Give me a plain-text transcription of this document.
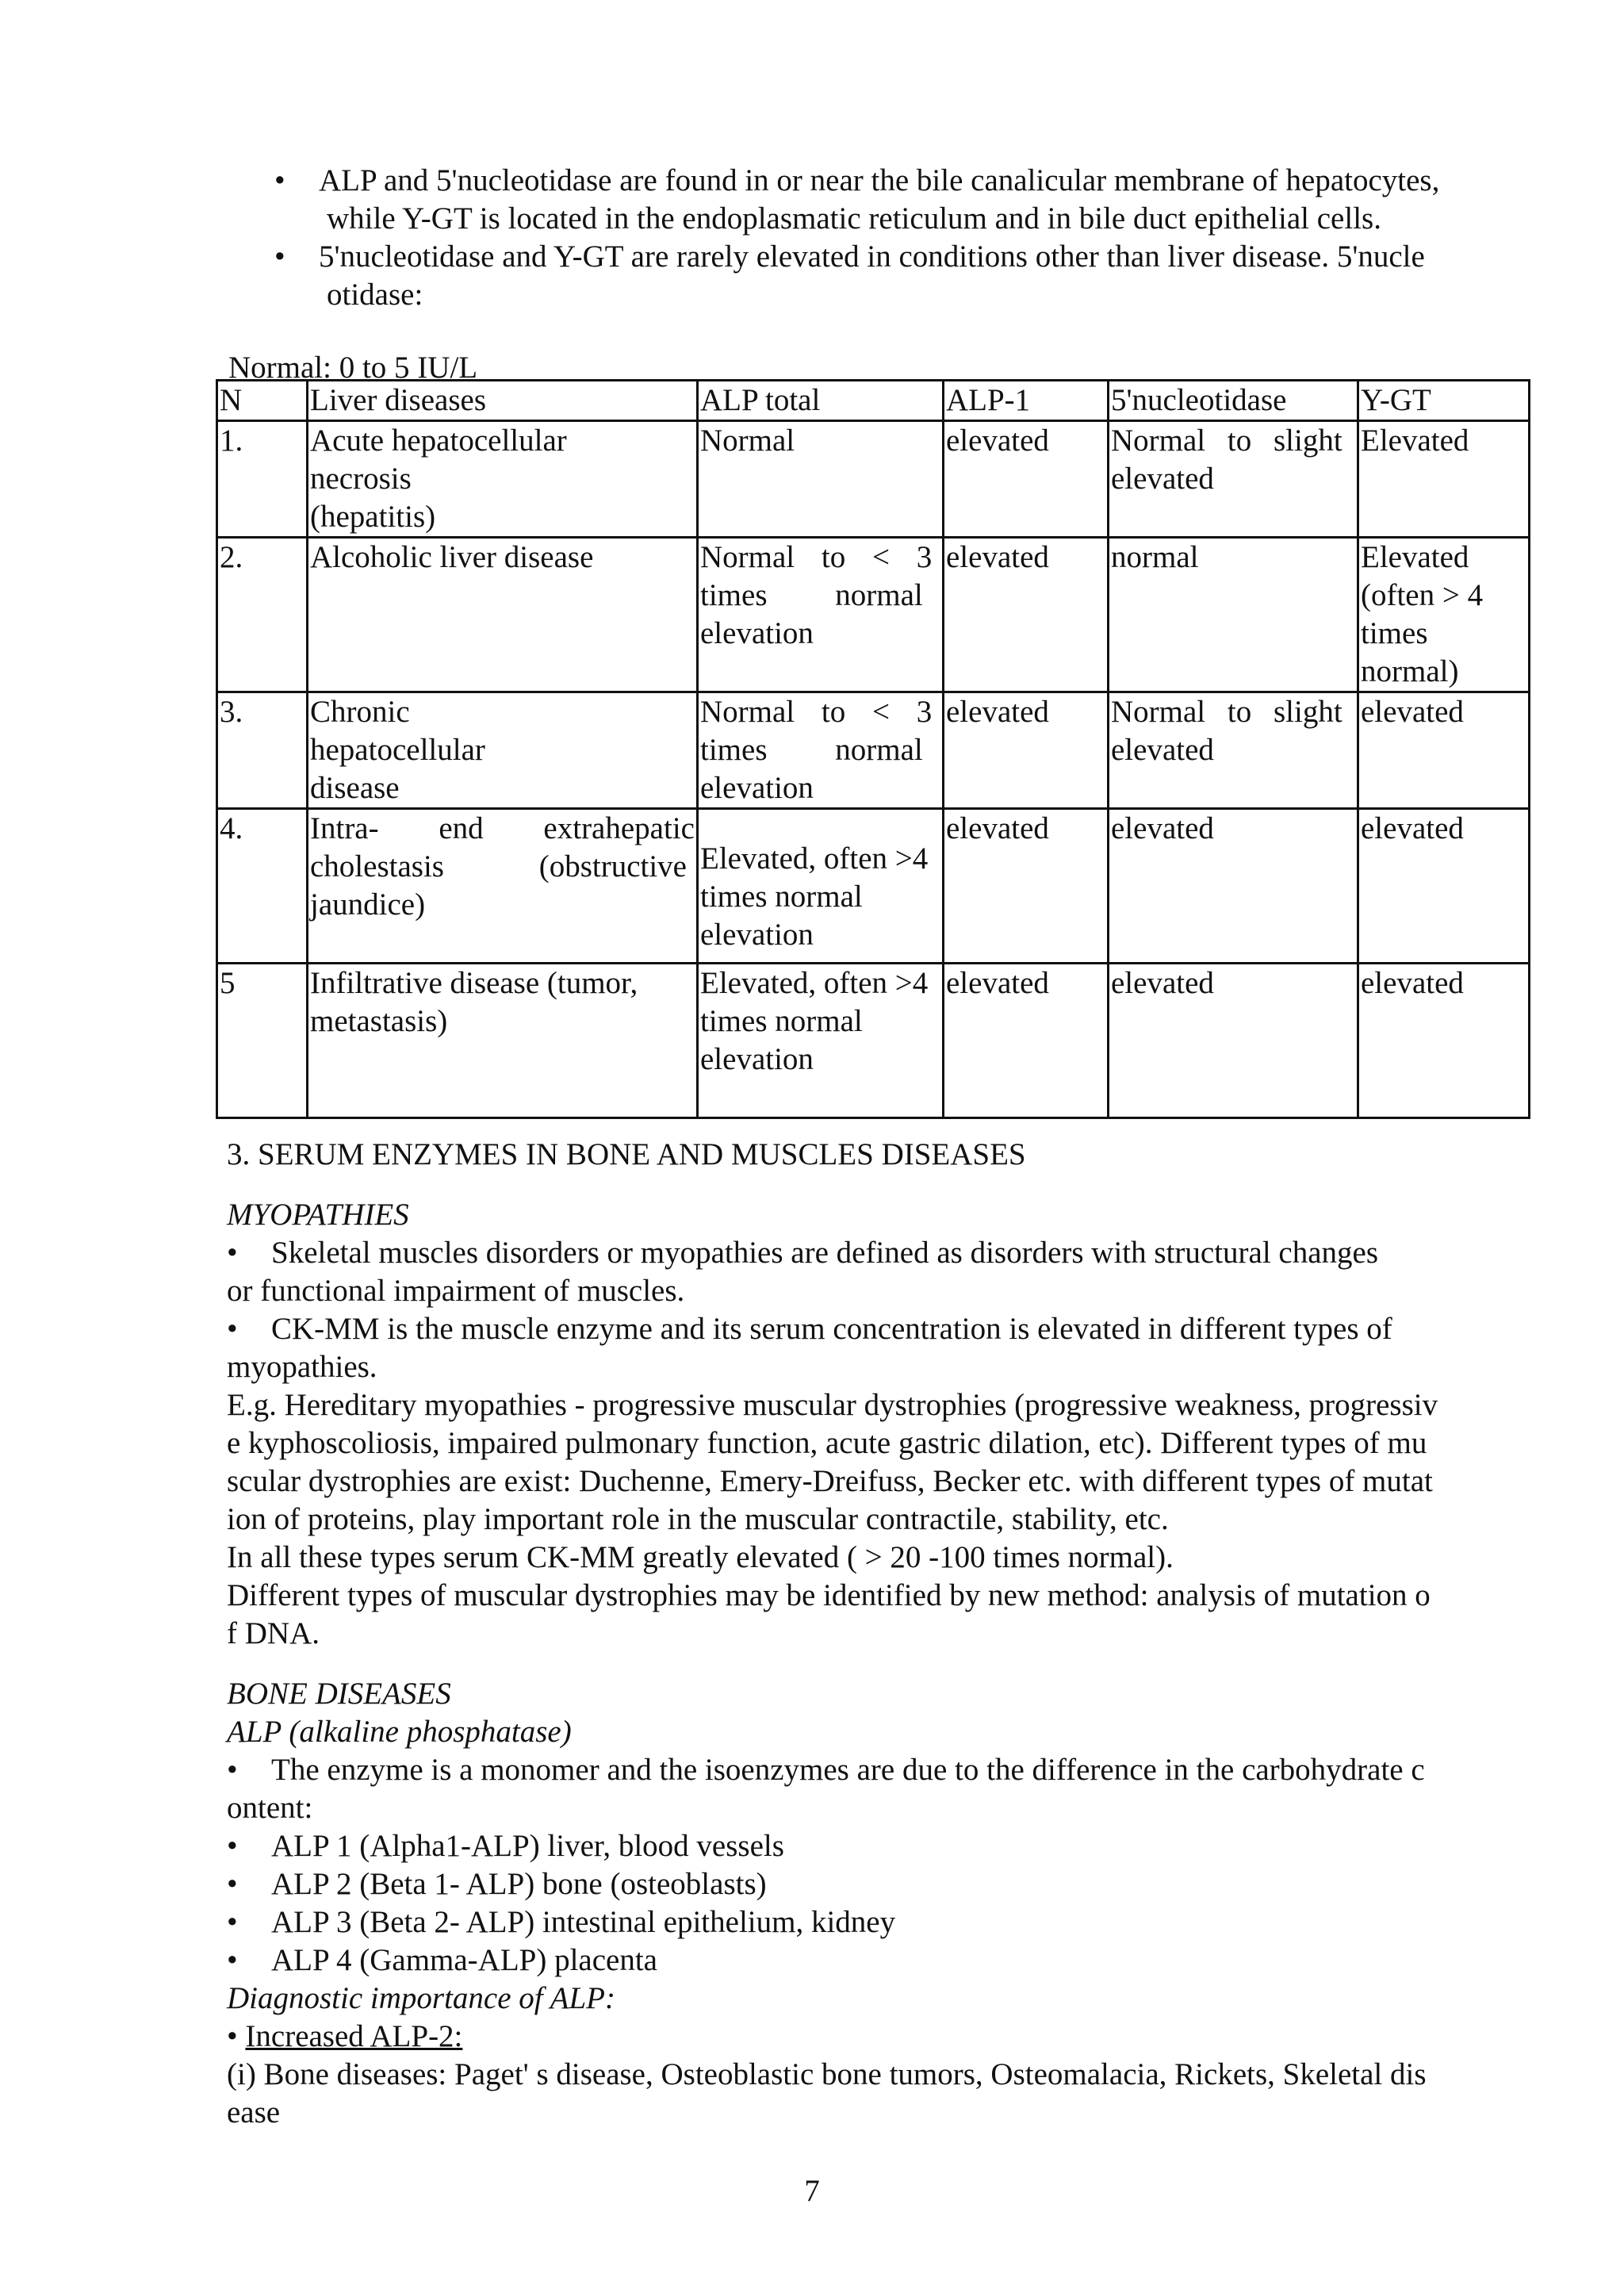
• ALP and 5'nucleotidase are found in or near the bile canalicular membrane of hepatocytes,
while Y-GT is located in the endoplasmatic reticulum and in bile duct epithelial cells.
• 5'nucleotidase and Y-GT are rarely elevated in conditions other than liver disease. 5'nucle
otidase:
Normal: 0 to 5 IU/L
N	Liver diseases	ALP total	ALP-1	5'nucleotidase	Y-GT
1.	Acute hepatocellular
necrosis
(hepatitis)	Normal	elevated	Normal to slight
elevated	Elevated

2.	Alcoholic liver disease	Normal to < 3
times normal
elevation	elevated	normal	Elevated
(often > 4
times
normal)

3.	Chronic hepatocellular
disease	Normal to < 3
times normal
elevation	elevated	Normal to slight
elevated	elevated

4.	Intra- end extrahepatic
cholestasis (obstructive
jaundice)	Elevated, often >4
times normal
elevation	elevated	elevated	elevated

5	Infiltrative disease (tumor,
metastasis)	Elevated, often >4
times normal
elevation	elevated	elevated	elevated
3. SERUM ENZYMES IN BONE AND MUSCLES DISEASES
MYOPATHIES
• Skeletal muscles disorders or myopathies are defined as disorders with structural changes
or functional impairment of muscles.
• CK-MM is the muscle enzyme and its serum concentration is elevated in different types of
myopathies.
E.g. Hereditary myopathies - progressive muscular dystrophies (progressive weakness, progressiv
e kyphoscoliosis, impaired pulmonary function, acute gastric dilation, etc). Different types of mu
scular dystrophies are exist: Duchenne, Emery-Dreifuss, Becker etc. with different types of mutat
ion of proteins, play important role in the muscular contractile, stability, etc.
In all these types serum CK-MM greatly elevated ( > 20 -100 times normal).
Different types of muscular dystrophies may be identified by new method: analysis of mutation o
f DNA.
BONE DISEASES
ALP (alkaline phosphatase)
• The enzyme is a monomer and the isoenzymes are due to the difference in the carbohydrate c
ontent:
• ALP 1 (Alpha1-ALP) liver, blood vessels
• ALP 2 (Beta 1- ALP) bone (osteoblasts)
• ALP 3 (Beta 2- ALP) intestinal epithelium, kidney
• ALP 4 (Gamma-ALP) placenta
Diagnostic importance of ALP:
• Increased ALP-2:
(i) Bone diseases: Paget' s disease, Osteoblastic bone tumors, Osteomalacia, Rickets, Skeletal dis
ease
7
